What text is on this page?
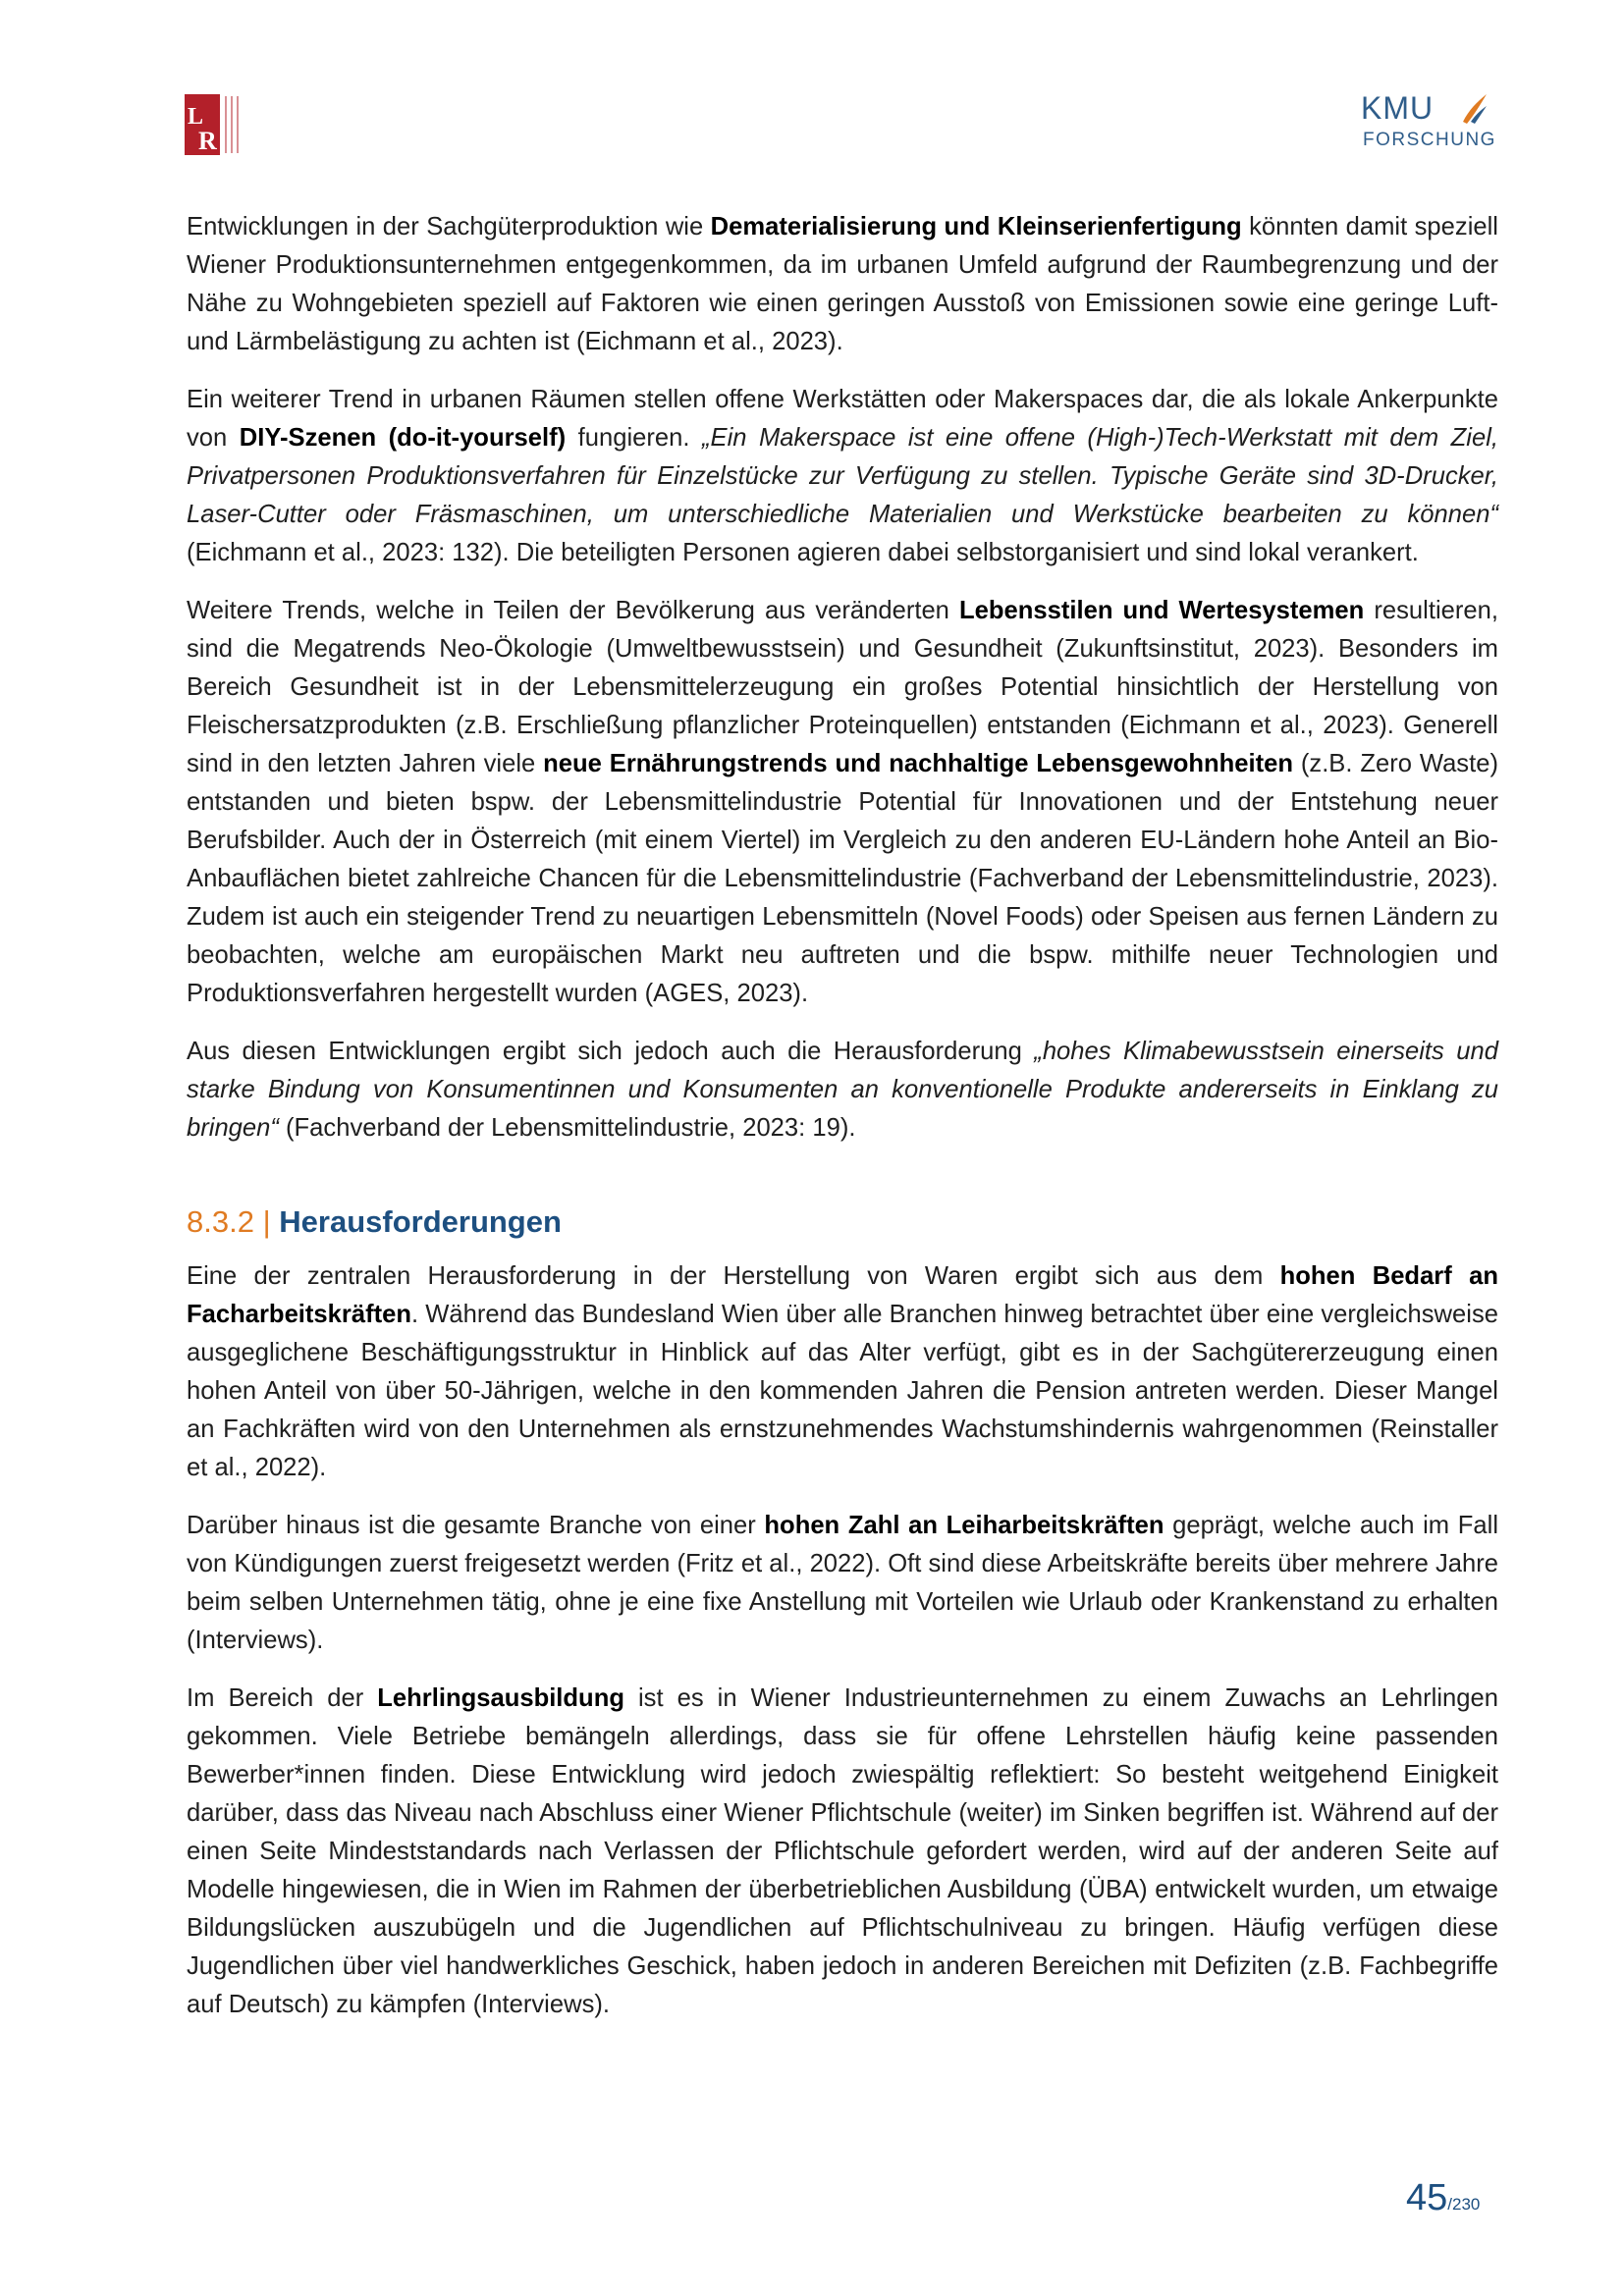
L
R
KMU
FORSCHUNG

Entwicklungen in der Sachgüterproduktion wie Dematerialisierung und Kleinserienfertigung könnten damit speziell Wiener Produktionsunternehmen entgegenkommen, da im urbanen Umfeld aufgrund der Raumbegrenzung und der Nähe zu Wohngebieten speziell auf Faktoren wie einen geringen Ausstoß von Emissionen sowie eine geringe Luft- und Lärmbelästigung zu achten ist (Eichmann et al., 2023).

Ein weiterer Trend in urbanen Räumen stellen offene Werkstätten oder Makerspaces dar, die als lokale Ankerpunkte von DIY-Szenen (do-it-yourself) fungieren. „Ein Makerspace ist eine offene (High-)Tech-Werkstatt mit dem Ziel, Privatpersonen Produktionsverfahren für Einzelstücke zur Verfügung zu stellen. Typische Geräte sind 3D-Drucker, Laser-Cutter oder Fräsmaschinen, um unterschiedliche Materialien und Werkstücke bearbeiten zu können“ (Eichmann et al., 2023: 132). Die beteiligten Personen agieren dabei selbstorganisiert und sind lokal verankert.

Weitere Trends, welche in Teilen der Bevölkerung aus veränderten Lebensstilen und Wertesystemen resultieren, sind die Megatrends Neo-Ökologie (Umweltbewusstsein) und Gesundheit (Zukunftsinstitut, 2023). Besonders im Bereich Gesundheit ist in der Lebensmittelerzeugung ein großes Potential hinsichtlich der Herstellung von Fleischersatzprodukten (z.B. Erschließung pflanzlicher Proteinquellen) entstanden (Eichmann et al., 2023). Generell sind in den letzten Jahren viele neue Ernährungstrends und nachhaltige Lebensgewohnheiten (z.B. Zero Waste) entstanden und bieten bspw. der Lebensmittelindustrie Potential für Innovationen und der Entstehung neuer Berufsbilder. Auch der in Österreich (mit einem Viertel) im Vergleich zu den anderen EU-Ländern hohe Anteil an Bio-Anbauflächen bietet zahlreiche Chancen für die Lebensmittelindustrie (Fachverband der Lebensmittelindustrie, 2023). Zudem ist auch ein steigender Trend zu neuartigen Lebensmitteln (Novel Foods) oder Speisen aus fernen Ländern zu beobachten, welche am europäischen Markt neu auftreten und die bspw. mithilfe neuer Technologien und Produktionsverfahren hergestellt wurden (AGES, 2023).

Aus diesen Entwicklungen ergibt sich jedoch auch die Herausforderung „hohes Klimabewusstsein einerseits und starke Bindung von Konsumentinnen und Konsumenten an konventionelle Produkte andererseits in Einklang zu bringen“ (Fachverband der Lebensmittelindustrie, 2023: 19).

8.3.2 | Herausforderungen

Eine der zentralen Herausforderung in der Herstellung von Waren ergibt sich aus dem hohen Bedarf an Facharbeitskräften. Während das Bundesland Wien über alle Branchen hinweg betrachtet über eine vergleichsweise ausgeglichene Beschäftigungsstruktur in Hinblick auf das Alter verfügt, gibt es in der Sachgütererzeugung einen hohen Anteil von über 50-Jährigen, welche in den kommenden Jahren die Pension antreten werden. Dieser Mangel an Fachkräften wird von den Unternehmen als ernstzunehmendes Wachstumshindernis wahrgenommen (Reinstaller et al., 2022).

Darüber hinaus ist die gesamte Branche von einer hohen Zahl an Leiharbeitskräften geprägt, welche auch im Fall von Kündigungen zuerst freigesetzt werden (Fritz et al., 2022). Oft sind diese Arbeitskräfte bereits über mehrere Jahre beim selben Unternehmen tätig, ohne je eine fixe Anstellung mit Vorteilen wie Urlaub oder Krankenstand zu erhalten (Interviews).

Im Bereich der Lehrlingsausbildung ist es in Wiener Industrieunternehmen zu einem Zuwachs an Lehrlingen gekommen. Viele Betriebe bemängeln allerdings, dass sie für offene Lehrstellen häufig keine passenden Bewerber*innen finden. Diese Entwicklung wird jedoch zwiespältig reflektiert: So besteht weitgehend Einigkeit darüber, dass das Niveau nach Abschluss einer Wiener Pflichtschule (weiter) im Sinken begriffen ist. Während auf der einen Seite Mindeststandards nach Verlassen der Pflichtschule gefordert werden, wird auf der anderen Seite auf Modelle hingewiesen, die in Wien im Rahmen der überbetrieblichen Ausbildung (ÜBA) entwickelt wurden, um etwaige Bildungslücken auszubügeln und die Jugendlichen auf Pflichtschulniveau zu bringen. Häufig verfügen diese Jugendlichen über viel handwerkliches Geschick, haben jedoch in anderen Bereichen mit Defiziten (z.B. Fachbegriffe auf Deutsch) zu kämpfen (Interviews).

45/230
